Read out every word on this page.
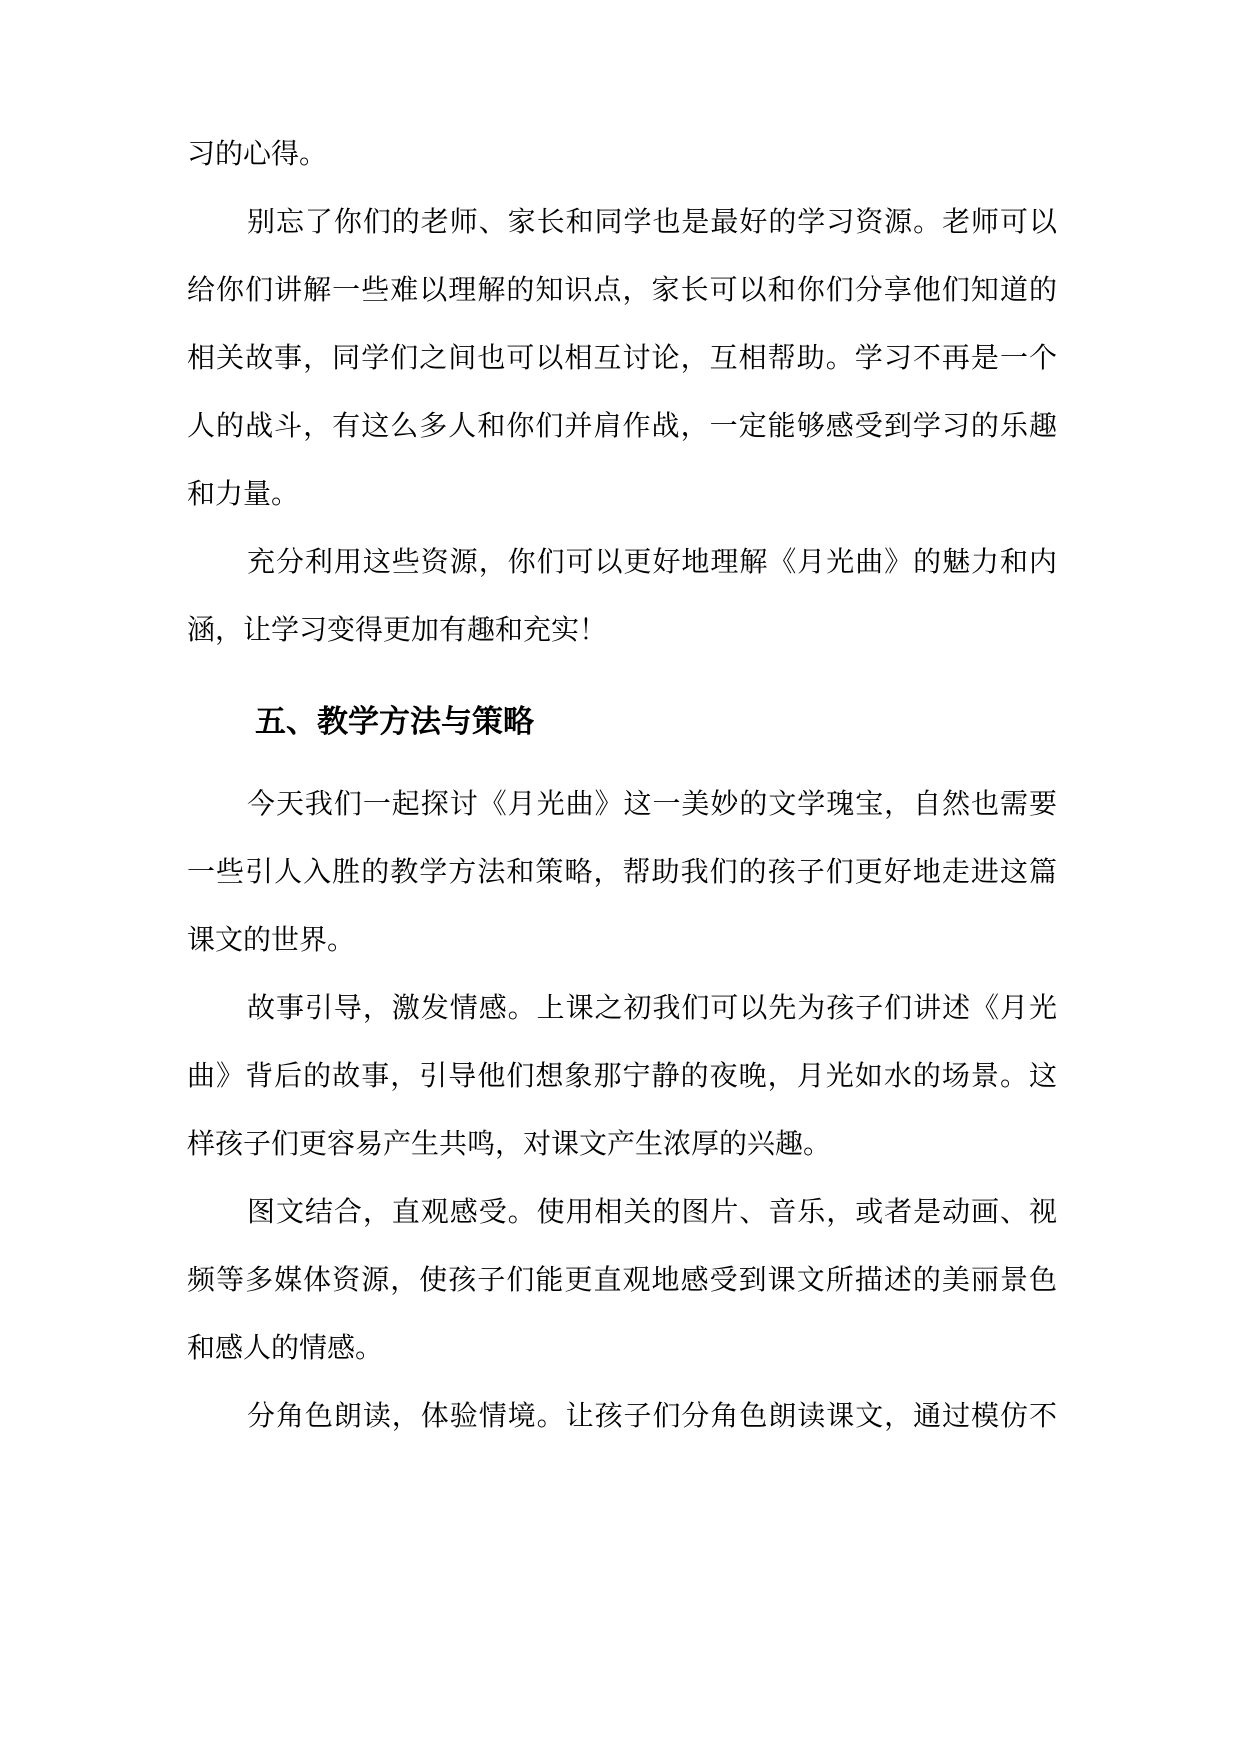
习的心得。
别忘了你们的老师、家长和同学也是最好的学习资源。老师可以
给你们讲解一些难以理解的知识点，家长可以和你们分享他们知道的
相关故事，同学们之间也可以相互讨论，互相帮助。学习不再是一个
人的战斗，有这么多人和你们并肩作战，一定能够感受到学习的乐趣
和力量。
充分利用这些资源，你们可以更好地理解《月光曲》的魅力和内
涵，让学习变得更加有趣和充实！
五、教学方法与策略
今天我们一起探讨《月光曲》这一美妙的文学瑰宝，自然也需要
一些引人入胜的教学方法和策略，帮助我们的孩子们更好地走进这篇
课文的世界。
故事引导，激发情感。上课之初我们可以先为孩子们讲述《月光
曲》背后的故事，引导他们想象那宁静的夜晚，月光如水的场景。这
样孩子们更容易产生共鸣，对课文产生浓厚的兴趣。
图文结合，直观感受。使用相关的图片、音乐，或者是动画、视
频等多媒体资源，使孩子们能更直观地感受到课文所描述的美丽景色
和感人的情感。
分角色朗读，体验情境。让孩子们分角色朗读课文，通过模仿不
